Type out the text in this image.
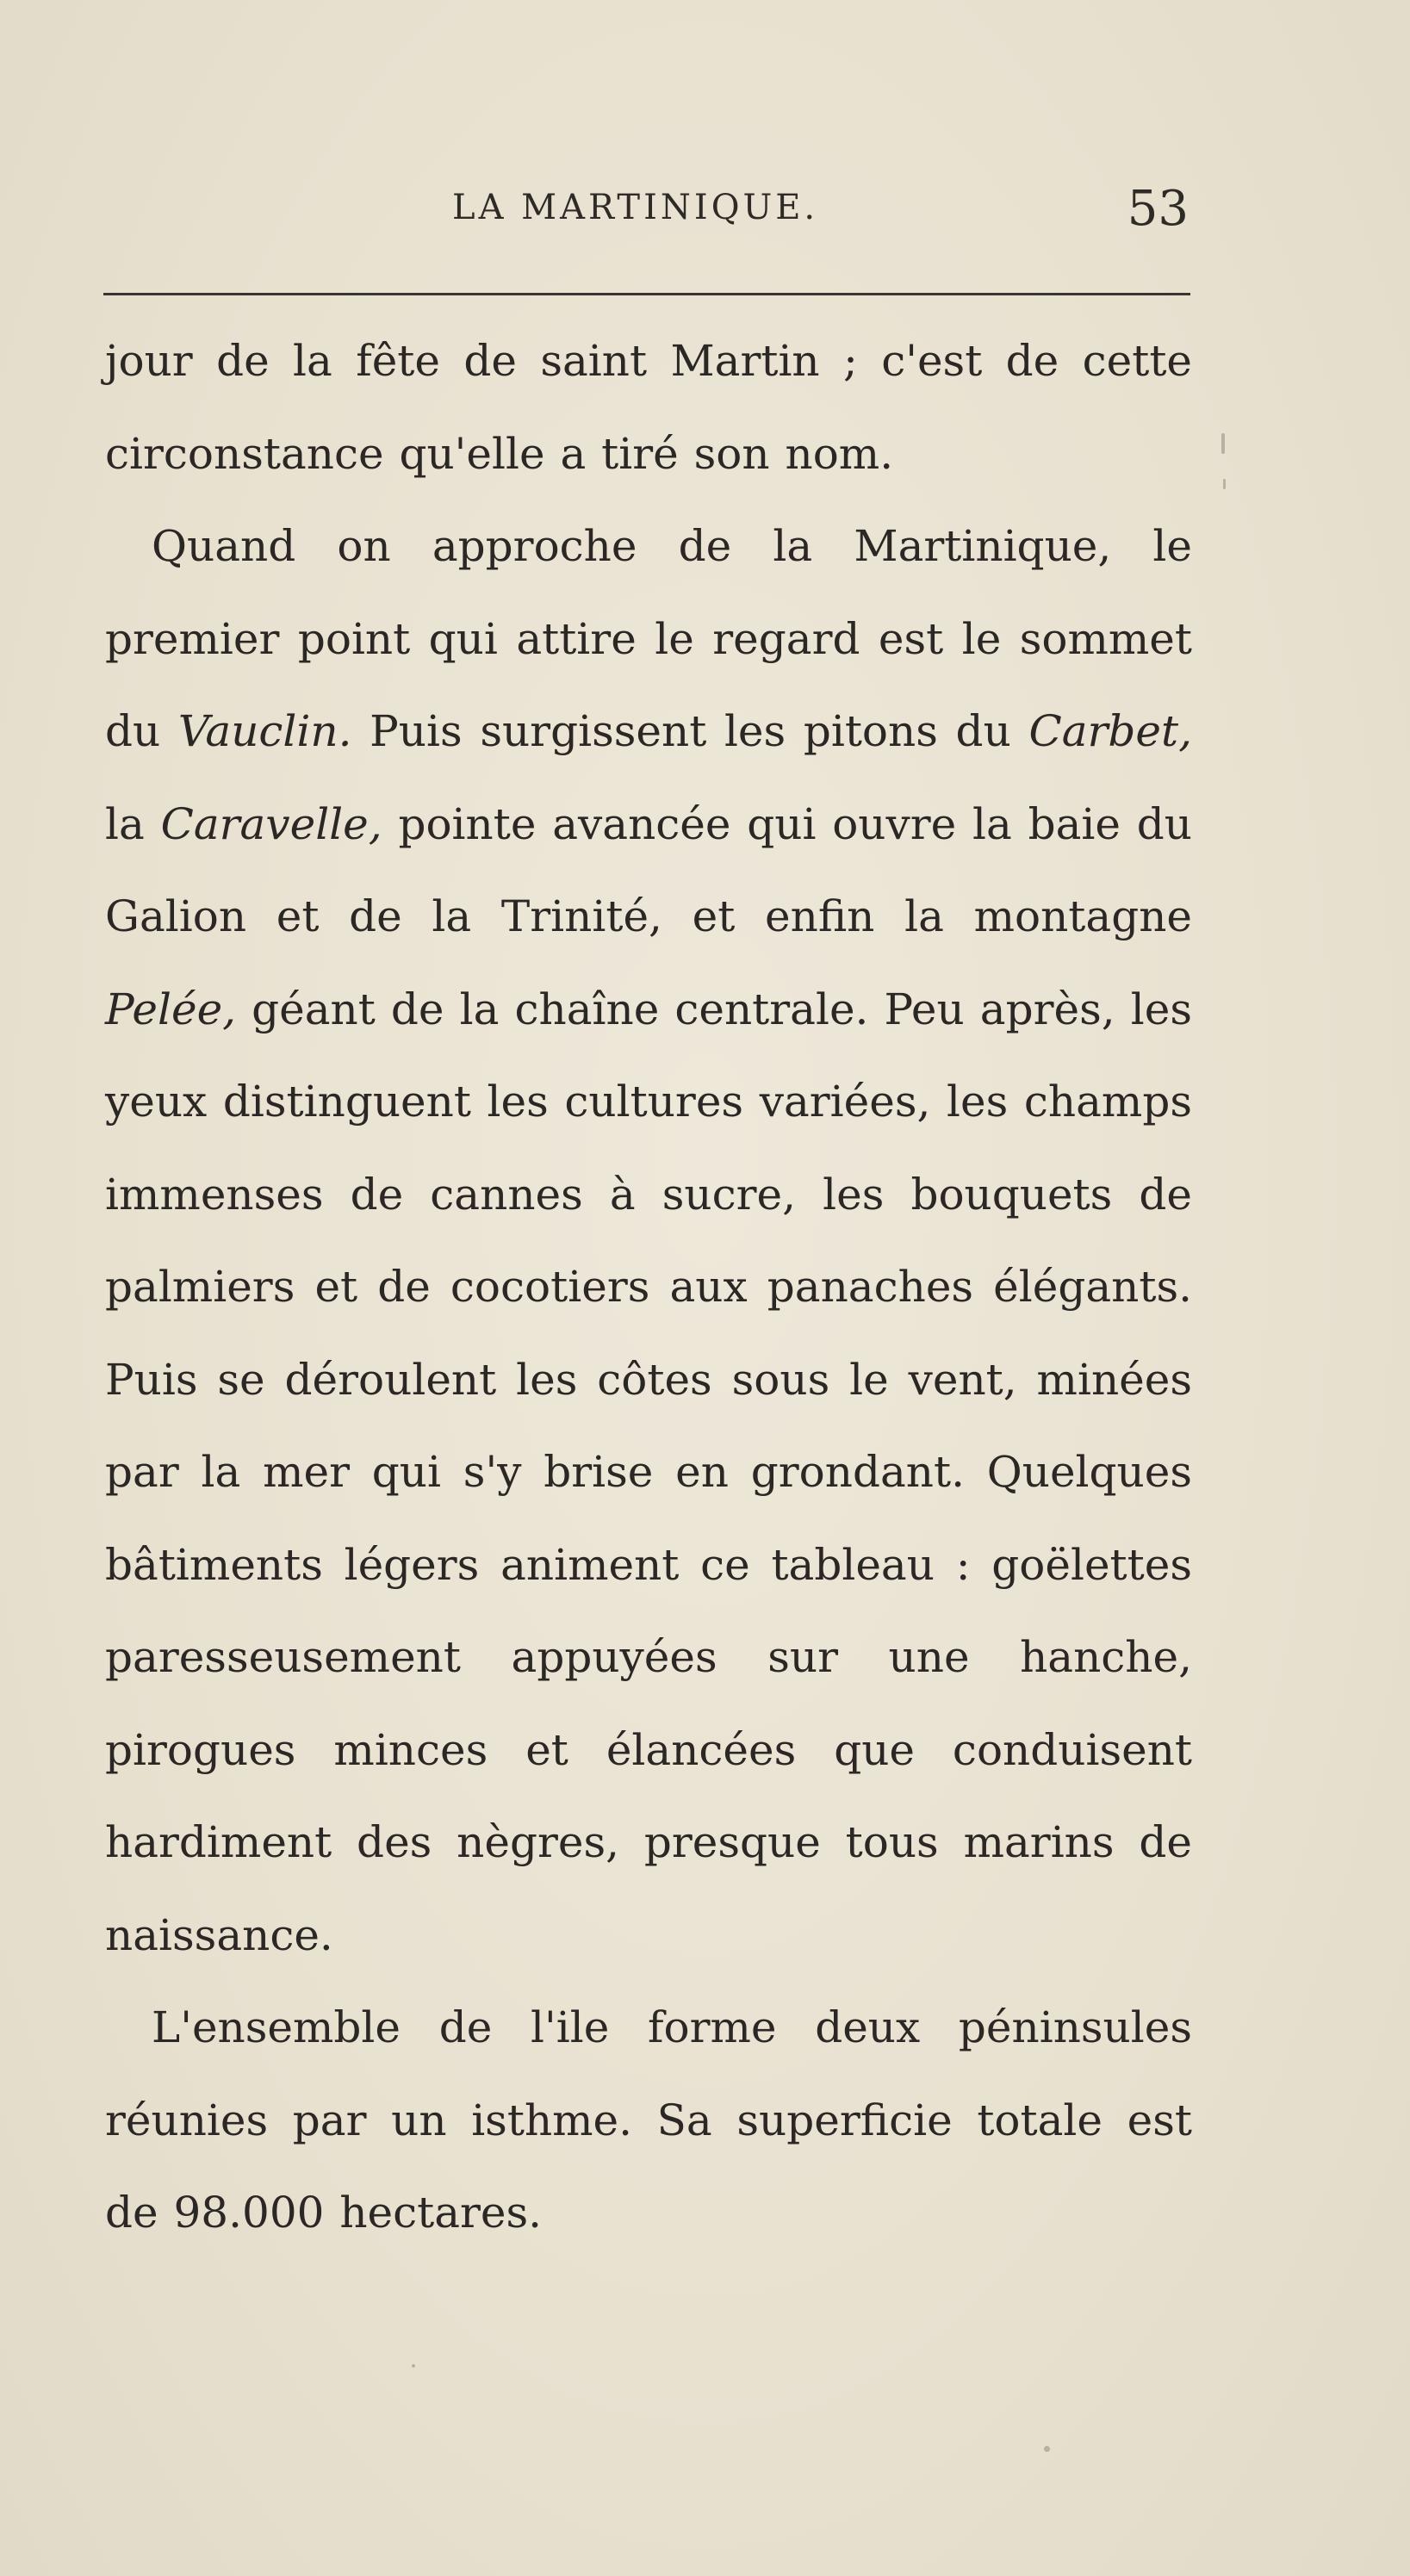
LA MARTINIQUE.	53

jour de la fête de saint Martin ; c'est de cette circonstance qu'elle a tiré son nom.

Quand on approche de la Martinique, le premier point qui attire le regard est le sommet du Vauclin. Puis surgissent les pitons du Carbet, la Caravelle, pointe avancée qui ouvre la baie du Galion et de la Trinité, et enfin la montagne Pelée, géant de la chaîne centrale. Peu après, les yeux distinguent les cultures variées, les champs immenses de cannes à sucre, les bouquets de palmiers et de cocotiers aux panaches élégants. Puis se déroulent les côtes sous le vent, minées par la mer qui s'y brise en grondant. Quelques bâtiments légers animent ce tableau : goëlettes paresseusement appuyées sur une hanche, pirogues minces et élancées que conduisent hardiment des nègres, presque tous marins de naissance.

L'ensemble de l'ile forme deux péninsules réunies par un isthme. Sa superficie totale est de 98.000 hectares.
